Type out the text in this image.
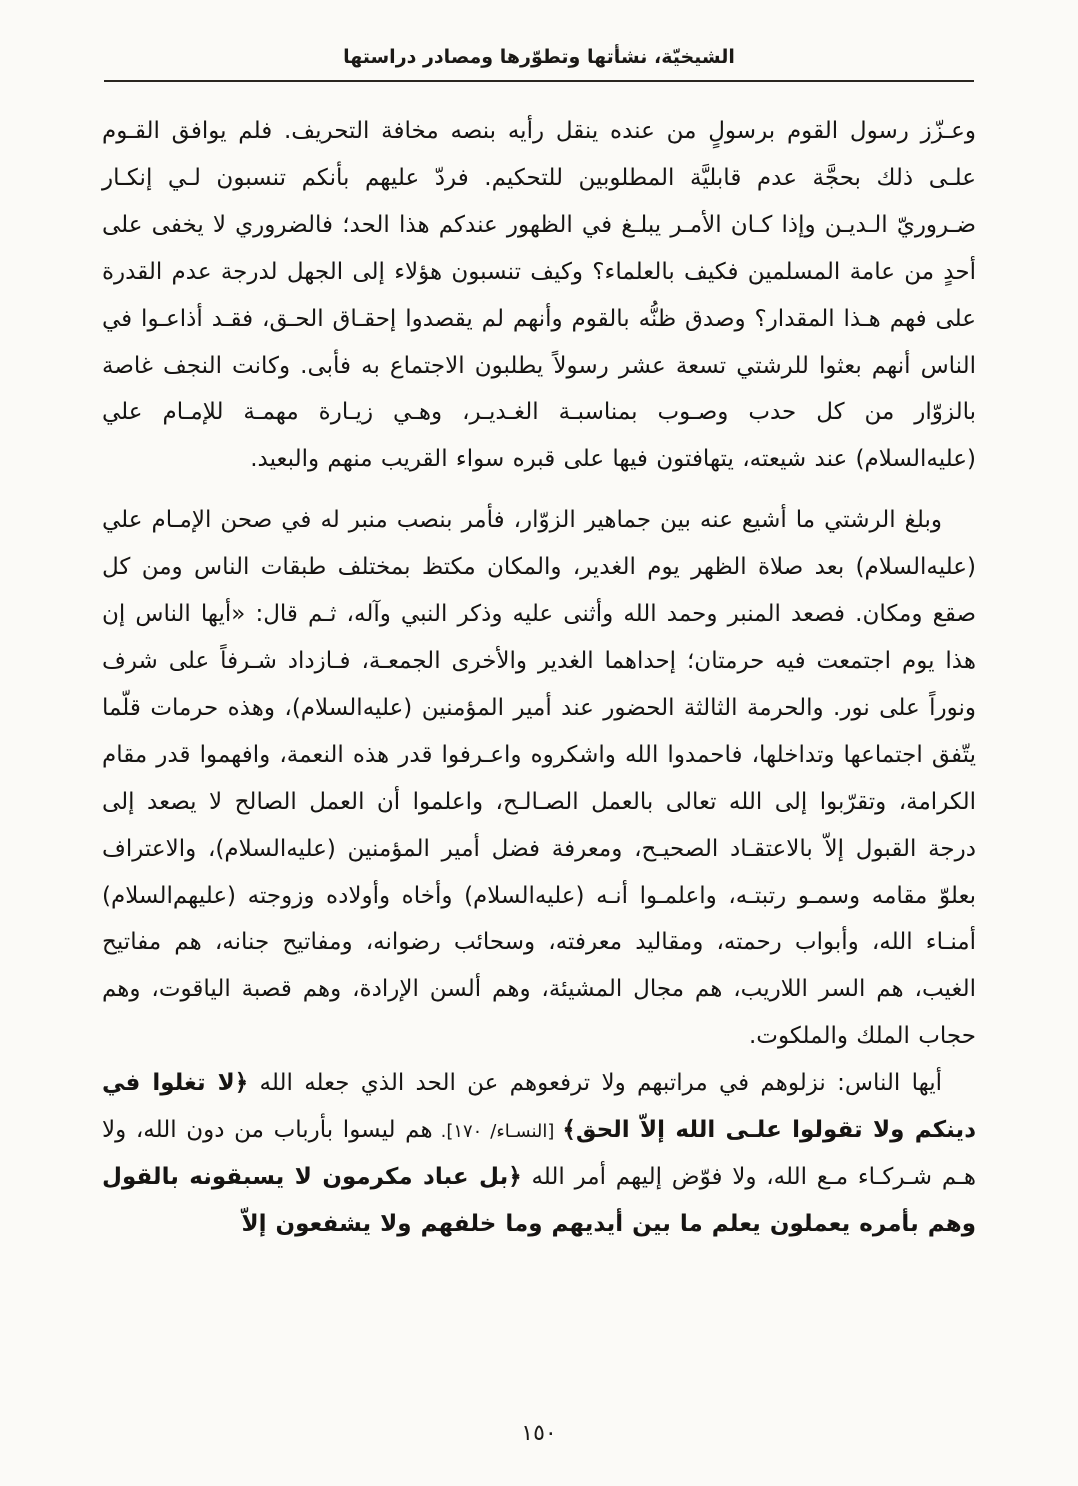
الشيخيّة، نشأتها وتطوّرها ومصادر دراستها

وعـزّز رسول القوم برسولٍ من عنده ينقل رأيه بنصه مخافة التحريف. فلم يوافق القـوم علـى ذلك بحجَّة عدم قابليَّة المطلوبين للتحكيم. فردّ عليهم بأنكم تنسبون لـي إنكـار ضـروريّ الـديـن وإذا كـان الأمـر يبلـغ في الظهور عندكم هذا الحد؛ فالضروري لا يخفى على أحدٍ من عامة المسلمين فكيف بالعلماء؟ وكيف تنسبون هؤلاء إلى الجهل لدرجة عدم القدرة على فهم هـذا المقدار؟ وصدق ظنُّه بالقوم وأنهم لم يقصدوا إحقـاق الحـق، فقـد أذاعـوا في الناس أنهم بعثوا للرشتي تسعة عشر رسولاً يطلبون الاجتماع به فأبى. وكانت النجف غاصة بالزوّار من كل حدب وصـوب بمناسبـة الغـديـر، وهـي زيـارة مهمـة للإمـام علي (عليه‌السلام) عند شيعته، يتهافتون فيها على قبره سواء القريب منهم والبعيد.

وبلغ الرشتي ما أشيع عنه بين جماهير الزوّار، فأمر بنصب منبر له في صحن الإمـام علي (عليه‌السلام) بعد صلاة الظهر يوم الغدير، والمكان مكتظ بمختلف طبقات الناس ومن كل صقع ومكان. فصعد المنبر وحمد الله وأثنى عليه وذكر النبي وآله، ثـم قال: «أيها الناس إن هذا يوم اجتمعت فيه حرمتان؛ إحداهما الغدير والأخرى الجمعـة، فـازداد شـرفاً على شرف ونوراً على نور. والحرمة الثالثة الحضور عند أمير المؤمنين (عليه‌السلام)، وهذه حرمات قلّما يتّفق اجتماعها وتداخلها، فاحمدوا الله واشكروه واعـرفوا قدر هذه النعمة، وافهموا قدر مقام الكرامة، وتقرّبوا إلى الله تعالى بالعمل الصـالـح، واعلموا أن العمل الصالح لا يصعد إلى درجة القبول إلاّ بالاعتقـاد الصحيـح، ومعرفة فضل أمير المؤمنين (عليه‌السلام)، والاعتراف بعلوّ مقامه وسمـو رتبتـه، واعلمـوا أنـه (عليه‌السلام) وأخاه وأولاده وزوجته (عليهم‌السلام) أمنـاء الله، وأبواب رحمته، ومقاليد معرفته، وسحائب رضوانه، ومفاتيح جنانه، هم مفاتيح الغيب، هم السر اللاريب، هم مجال المشيئة، وهم ألسن الإرادة، وهم قصبة الياقوت، وهم حجاب الملك والملكوت.

أيها الناس: نزلوهم في مراتبهم ولا ترفعوهم عن الحد الذي جعله الله ﴿لا تغلوا في دينكم ولا تقولوا علـى الله إلاّ الحق﴾ [النسـاء/ ١٧٠]. هم ليسوا بأرباب من دون الله، ولا هـم شـركـاء مـع الله، ولا فوّض إليهم أمر الله ﴿بل عباد مكرمون لا يسبقونه بالقول وهم بأمره يعملون يعلم ما بين أيديهم وما خلفهم ولا يشفعون إلاّ

١٥٠
